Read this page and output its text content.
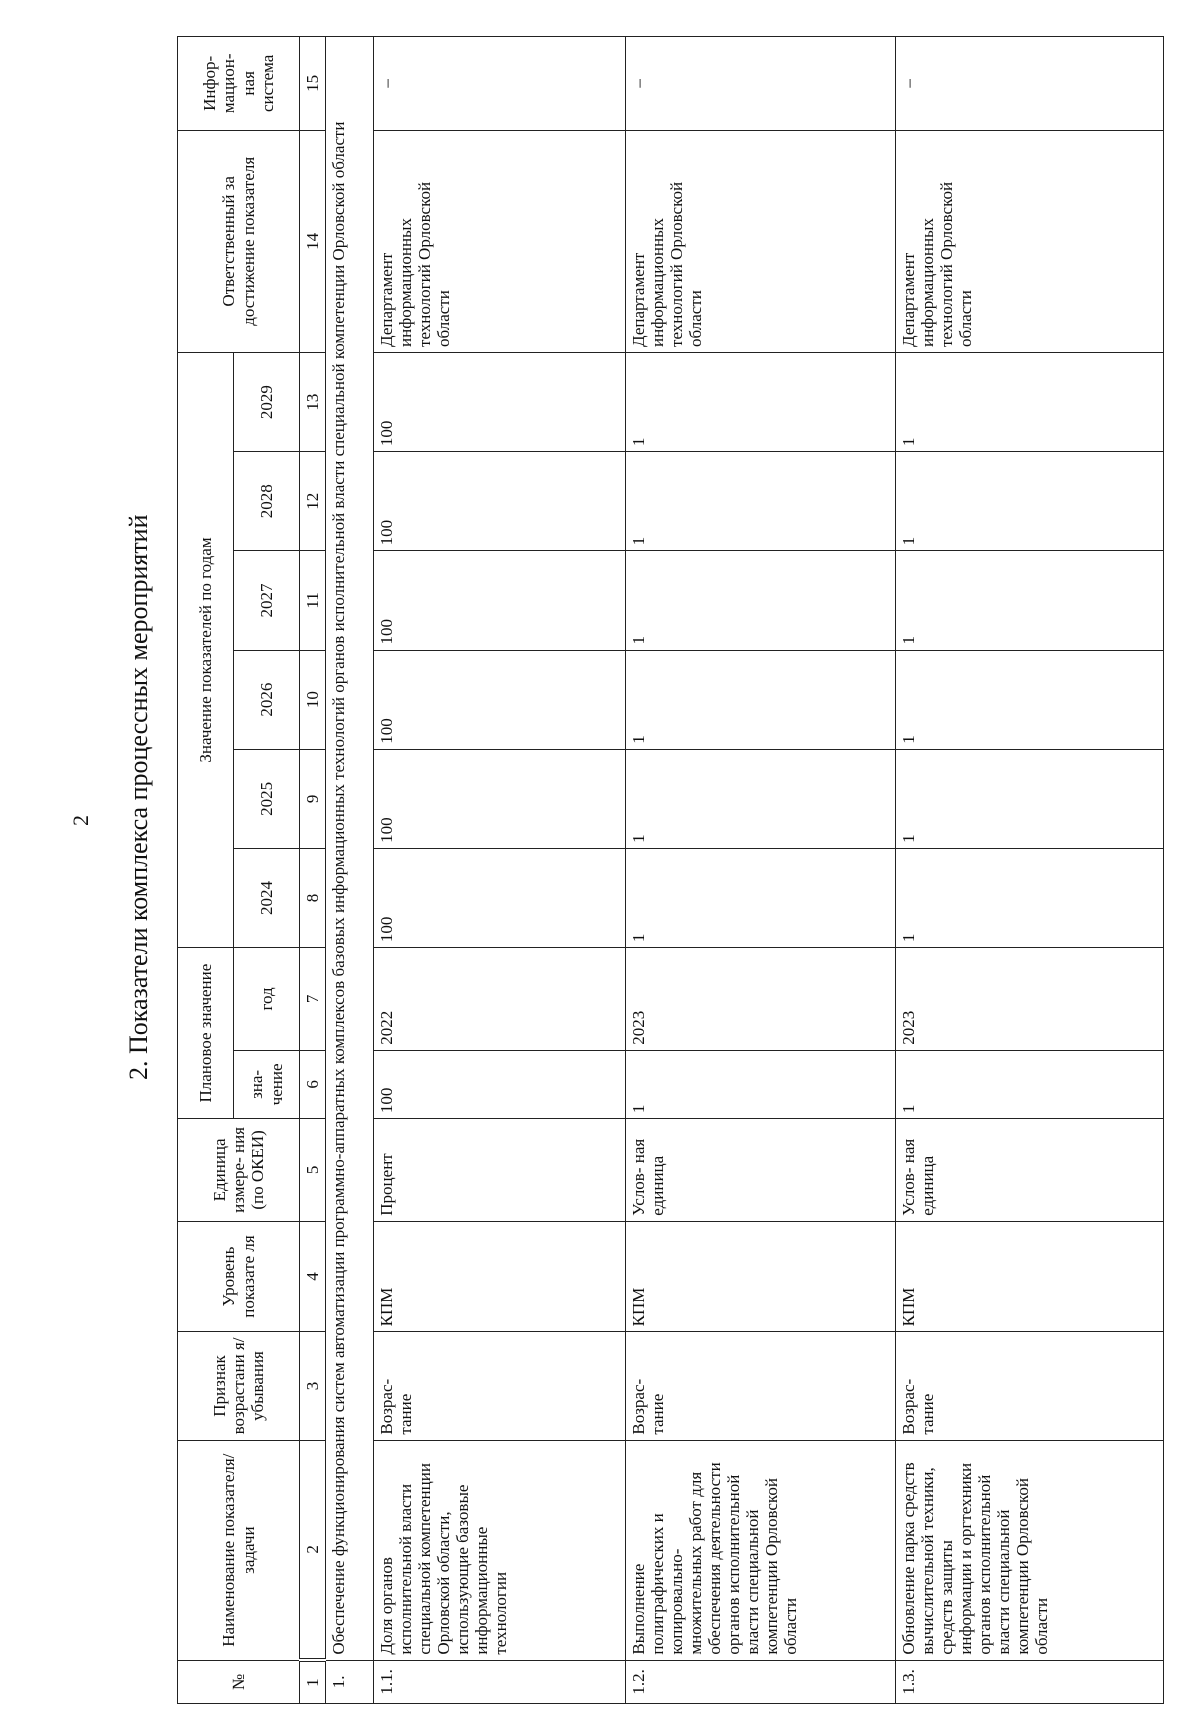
2 2. Показатели комплекса процессных мероприятий
№	Наименование показателя/задачи	Признак возрастани я/ убывания	Уровень показате ля	Единица измере- ния (по ОКЕИ)	Плановое значение		Значение показателей по годам						Ответственный за достижение показателя	Инфор- мацион- ная система
					зна- чение	год	2024	2025	2026	2027	2028	2029		
1	2	3	4	5	6	7	8	9	10	11	12	13	14	15
1.	Обеспечение функционирования систем автоматизации программно-аппаратных комплексов базовых информационных технологий органов исполнительной власти специальной компетенции Орловской области													
1.1.	Доля органов исполнительной власти специальной компетенции Орловской области, использующие базовые информационные технологии	Возрас- тание	КПМ	Процент	100	2022	100	100	100	100	100	100	Департамент информационных технологий Орловской области	–
1.2.	Выполнение полиграфических и копировально-множительных работ для обеспечения деятельности органов исполнительной власти специальной компетенции Орловской области	Возрас- тание	КПМ	Услов- ная единица	1	2023	1	1	1	1	1	1	Департамент информационных технологий Орловской области	–
1.3.	Обновление парка средств вычислительной техники, средств защиты информации и оргтехники органов исполнительной власти специальной компетенции Орловской области	Возрас- тание	КПМ	Услов- ная единица	1	2023	1	1	1	1	1	1	Департамент информационных технологий Орловской области	–
